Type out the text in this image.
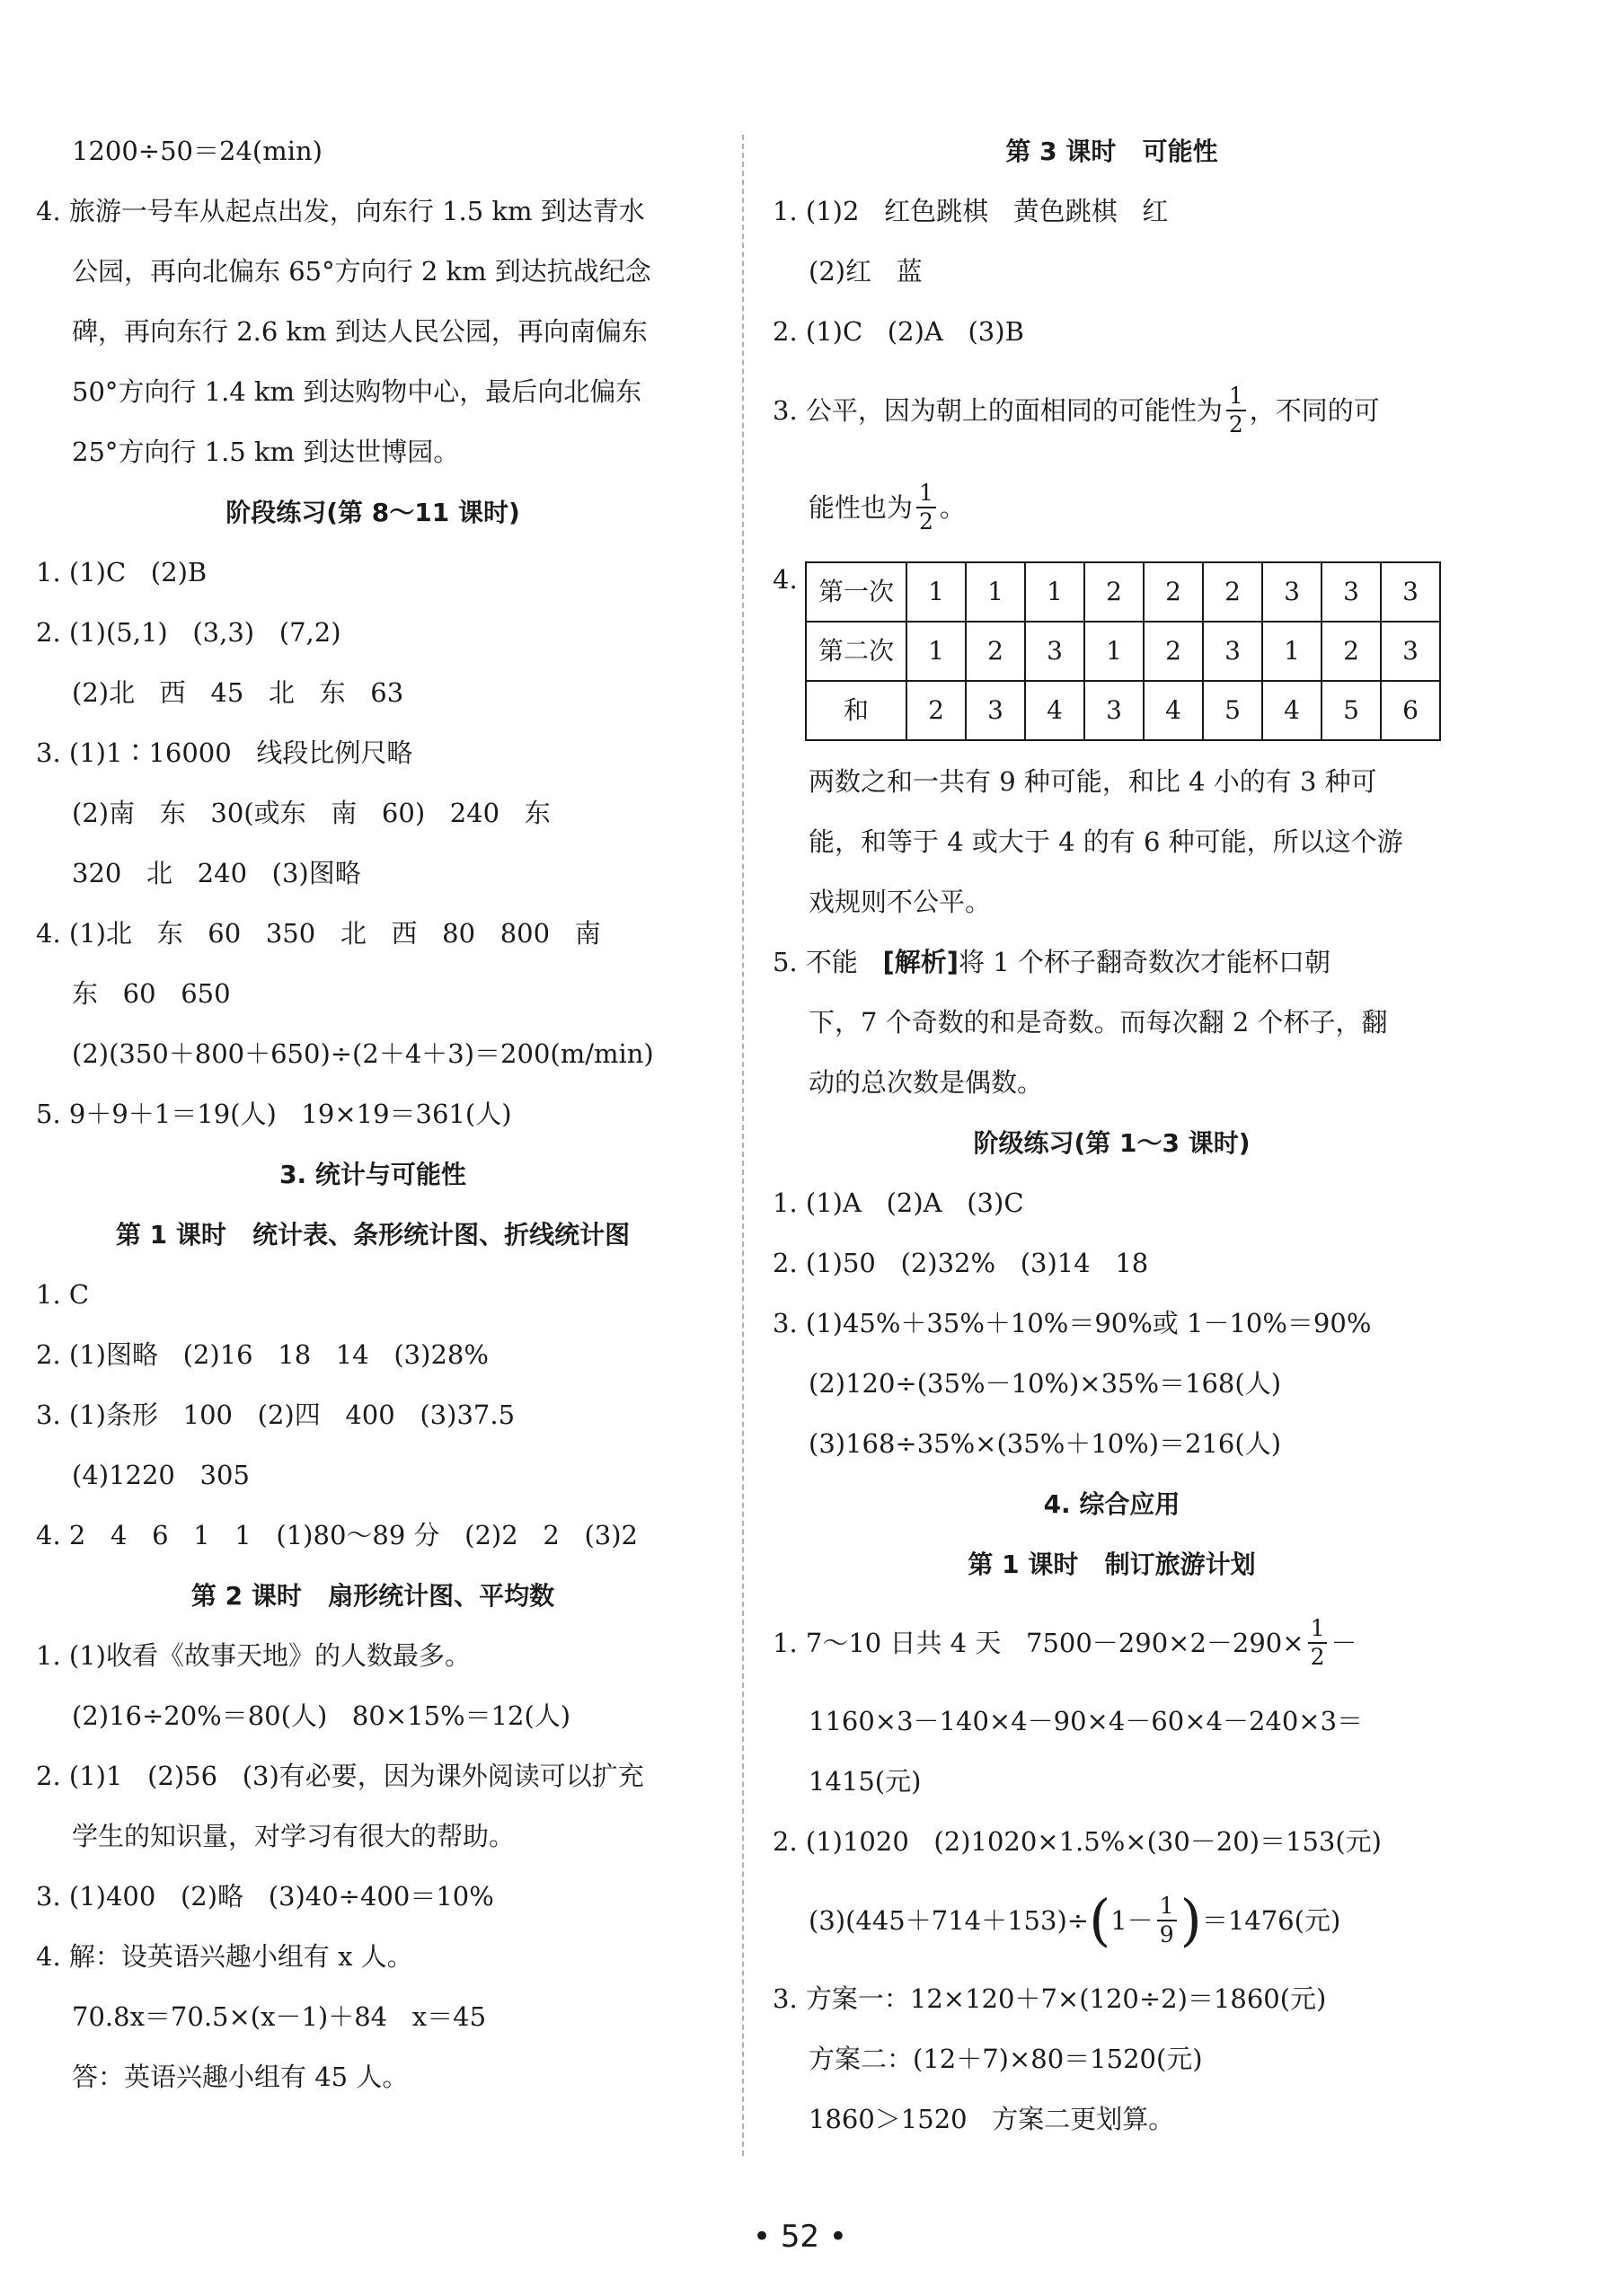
1200÷50＝24(min)
4. 旅游一号车从起点出发，向东行 1.5 km 到达青水
公园，再向北偏东 65°方向行 2 km 到达抗战纪念
碑，再向东行 2.6 km 到达人民公园，再向南偏东
50°方向行 1.4 km 到达购物中心，最后向北偏东
25°方向行 1.5 km 到达世博园。
阶段练习(第 8～11 课时)
1. (1)C   (2)B
2. (1)(5,1)   (3,3)   (7,2)
(2)北   西   45   北   东   63
3. (1)1∶16000   线段比例尺略
(2)南   东   30(或东   南   60)   240   东
320   北   240   (3)图略
4. (1)北   东   60   350   北   西   80   800   南
东   60   650
(2)(350＋800＋650)÷(2＋4＋3)＝200(m/min)
5. 9＋9＋1＝19(人)   19×19＝361(人)
3. 统计与可能性
第 1 课时   统计表、条形统计图、折线统计图
1. C
2. (1)图略   (2)16   18   14   (3)28%
3. (1)条形   100   (2)四   400   (3)37.5
(4)1220   305
4. 2   4   6   1   1   (1)80～89 分   (2)2   2   (3)2
第 2 课时   扇形统计图、平均数
1. (1)收看《故事天地》的人数最多。
(2)16÷20%＝80(人)   80×15%＝12(人)
2. (1)1   (2)56   (3)有必要，因为课外阅读可以扩充
学生的知识量，对学习有很大的帮助。
3. (1)400   (2)略   (3)40÷400＝10%
4. 解：设英语兴趣小组有 x 人。
70.8x＝70.5×(x－1)＋84   x＝45
答：英语兴趣小组有 45 人。
第 3 课时   可能性
1. (1)2   红色跳棋   黄色跳棋   红
(2)红   蓝
2. (1)C   (2)A   (3)B
3. 公平，因为朝上的面相同的可能性为 $\frac{1}{2}$ ，不同的可
能性也为 $\frac{1}{2}$ 。
4. 第一次	1	1	1	2	2	2	3	3	3
第二次	1	2	3	1	2	3	1	2	3
和	2	3	4	3	4	5	4	5	6
两数之和一共有 9 种可能，和比 4 小的有 3 种可
能，和等于 4 或大于 4 的有 6 种可能，所以这个游
戏规则不公平。
5. 不能   [解析]将 1 个杯子翻奇数次才能杯口朝
下，7 个奇数的和是奇数。而每次翻 2 个杯子，翻
动的总次数是偶数。
阶级练习(第 1～3 课时)
1. (1)A   (2)A   (3)C
2. (1)50   (2)32%   (3)14   18
3. (1)45%＋35%＋10%＝90%或 1－10%＝90%
(2)120÷(35%－10%)×35%＝168(人)
(3)168÷35%×(35%＋10%)＝216(人)
4. 综合应用
第 1 课时   制订旅游计划
1. 7～10 日共 4 天   $7500-290\times 2-290\times \frac{1}{2}$ －
1160×3－140×4－90×4－60×4－240×3＝
1415(元)
2. (1)1020   (2)1020×1.5%×(30－20)＝153(元)
(3)(445＋714＋153)÷ ( $1- \frac{1}{9}$ ) ＝1476(元)
3. 方案一：12×120＋7×(120÷2)＝1860(元)
方案二：(12＋7)×80＝1520(元)
1860＞1520   方案二更划算。
• 52 •
